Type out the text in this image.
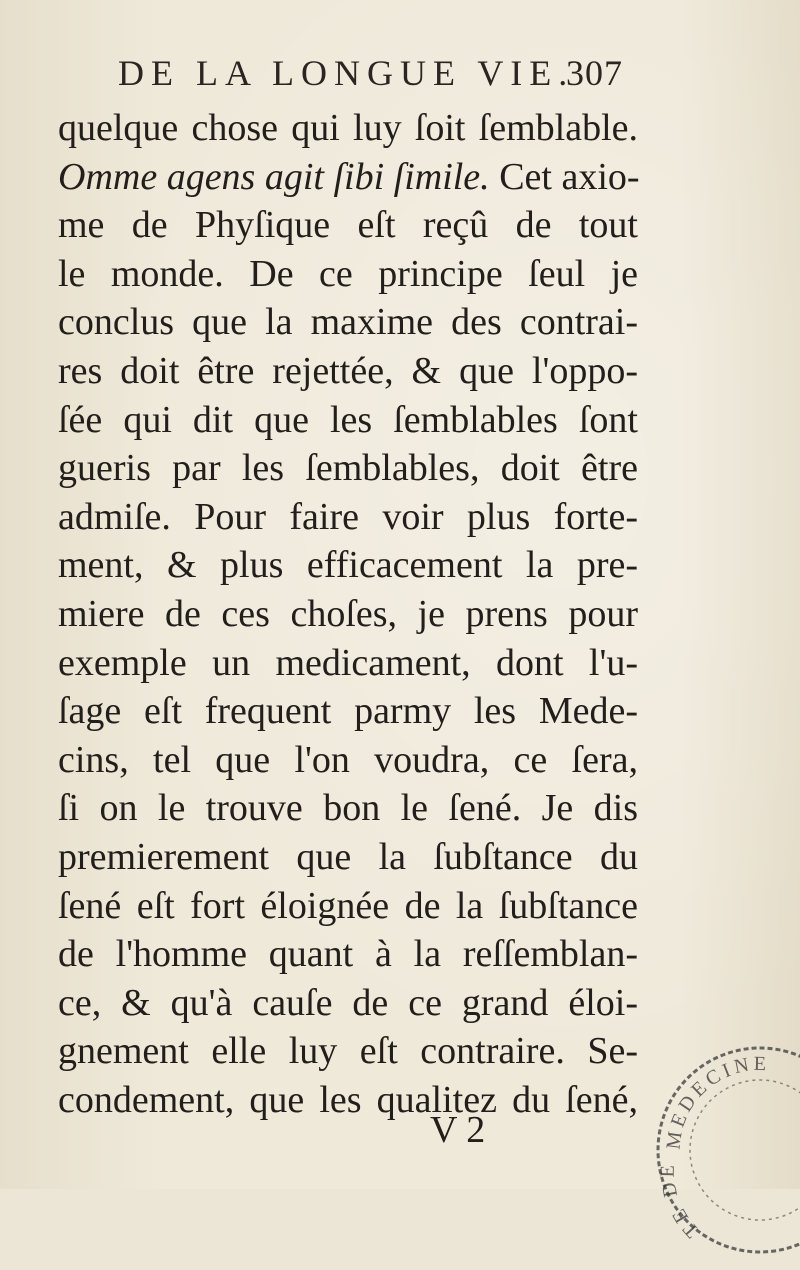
DE LA LONGUE VIE.
307
quelque chose qui luy ſoit ſemblable.
Omme agens agit ſibi ſimile. Cet axio-
me de Phyſique eſt reçû de tout
le monde. De ce principe ſeul je
conclus que la maxime des contrai-
res doit être rejettée, & que l'oppo-
ſée qui dit que les ſemblables ſont
gueris par les ſemblables, doit être
admiſe. Pour faire voir plus forte-
ment, & plus efficacement la pre-
miere de ces choſes, je prens pour
exemple un medicament, dont l'u-
ſage eſt frequent parmy les Mede-
cins, tel que l'on voudra, ce ſera,
ſi on le trouve bon le ſené. Je dis
premierement que la ſubſtance du
ſené eſt fort éloignée de la ſubſtance
de l'homme quant à la reſſemblan-
ce, & qu'à cauſe de ce grand éloi-
gnement elle luy eſt contraire. Se-
condement, que les qualitez du ſené,
V 2	MEDECINE
TE DE
